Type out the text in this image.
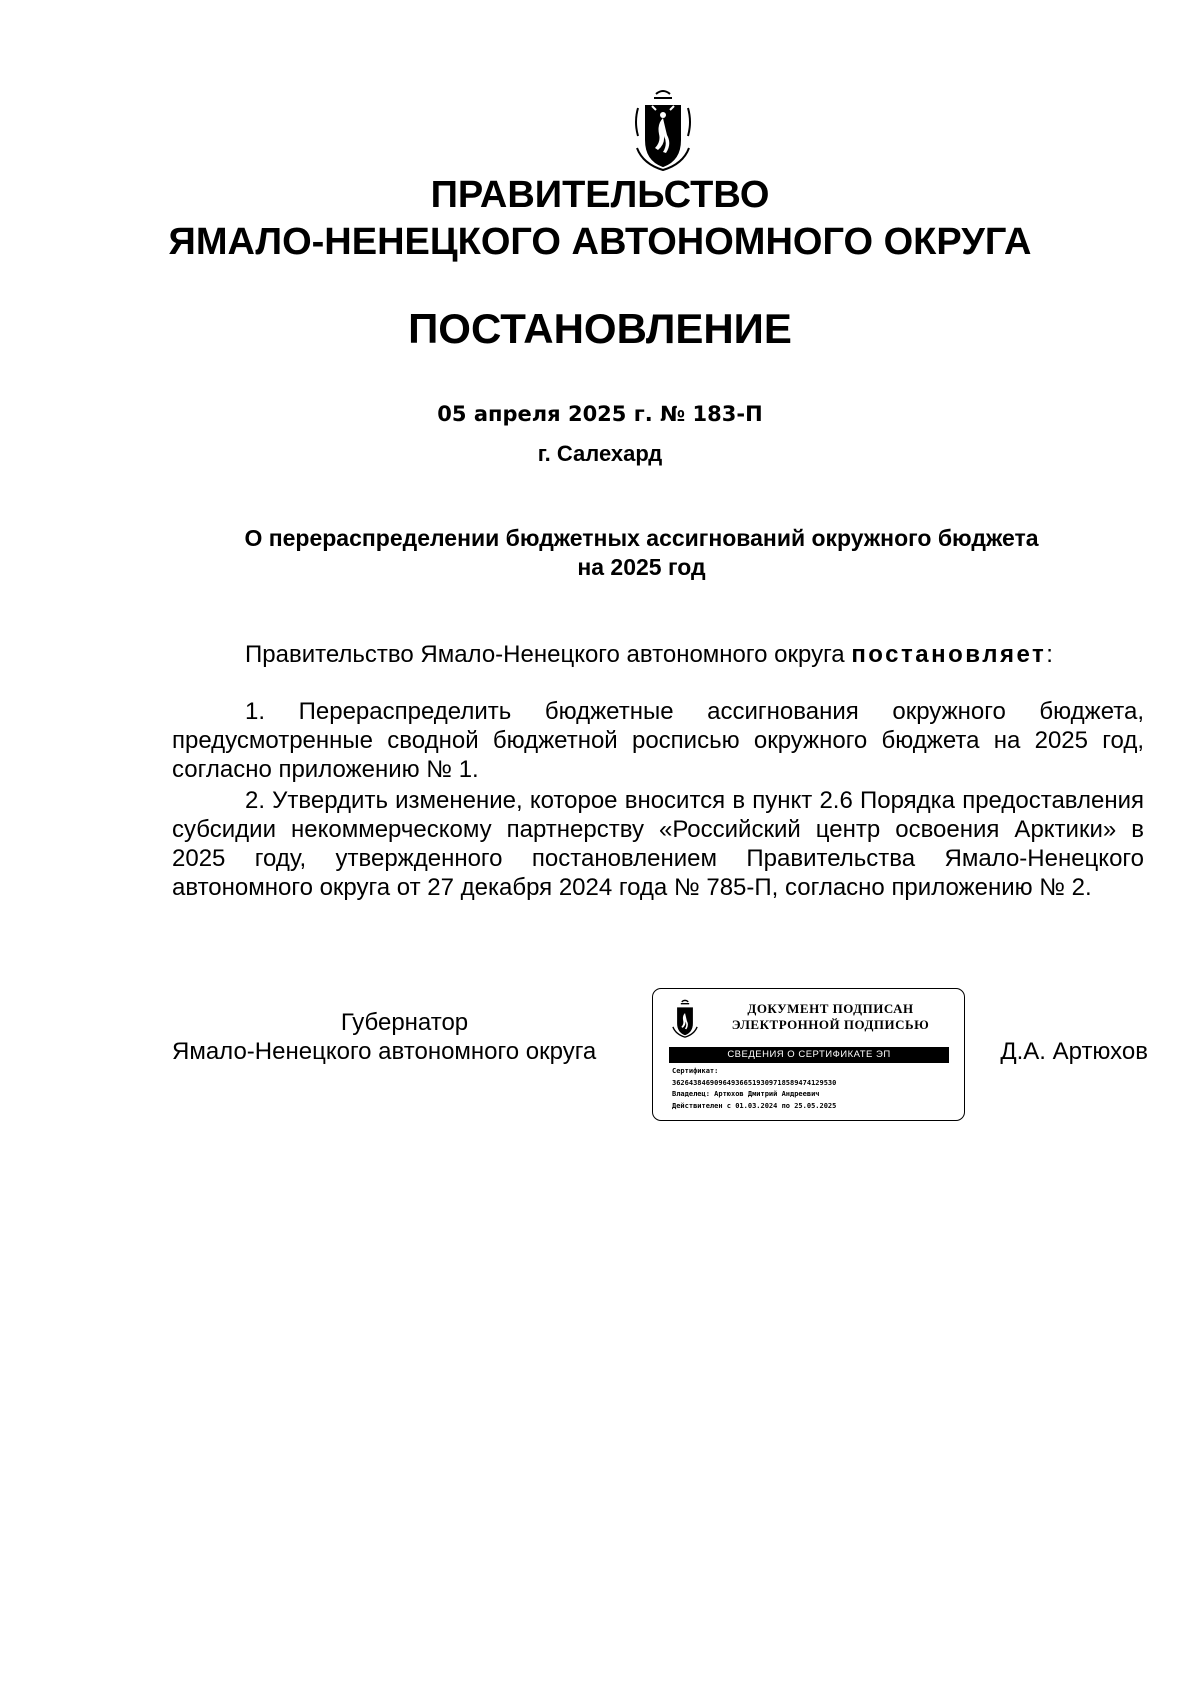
ПРАВИТЕЛЬСТВО
ЯМАЛО-НЕНЕЦКОГО АВТОНОМНОГО ОКРУГА
ПОСТАНОВЛЕНИЕ
05 апреля 2025 г. № 183-П
г. Салехард
О перераспределении бюджетных ассигнований окружного бюджета
на 2025 год
Правительство Ямало-Ненецкого автономного округа постановляет:

1. Перераспределить бюджетные ассигнования окружного бюджета, предусмотренные сводной бюджетной росписью окружного бюджета на 2025 год, согласно приложению № 1.

2. Утвердить изменение, которое вносится в пункт 2.6 Порядка предоставления субсидии некоммерческому партнерству «Российский центр освоения Арктики» в 2025 году, утвержденного постановлением Правительства Ямало-Ненецкого автономного округа от 27 декабря 2024 года № 785-П, согласно приложению № 2.

Губернатор
Ямало-Ненецкого автономного округа
ДОКУМЕНТ ПОДПИСАН
ЭЛЕКТРОННОЙ ПОДПИСЬЮ
СВЕДЕНИЯ О СЕРТИФИКАТЕ ЭП
Сертификат:
3626438469096493665193097185894741295З0
Владелец: Артюхов Дмитрий Андреевич
Действителен с 01.03.2024 по 25.05.2025
Д.А. Артюхов
